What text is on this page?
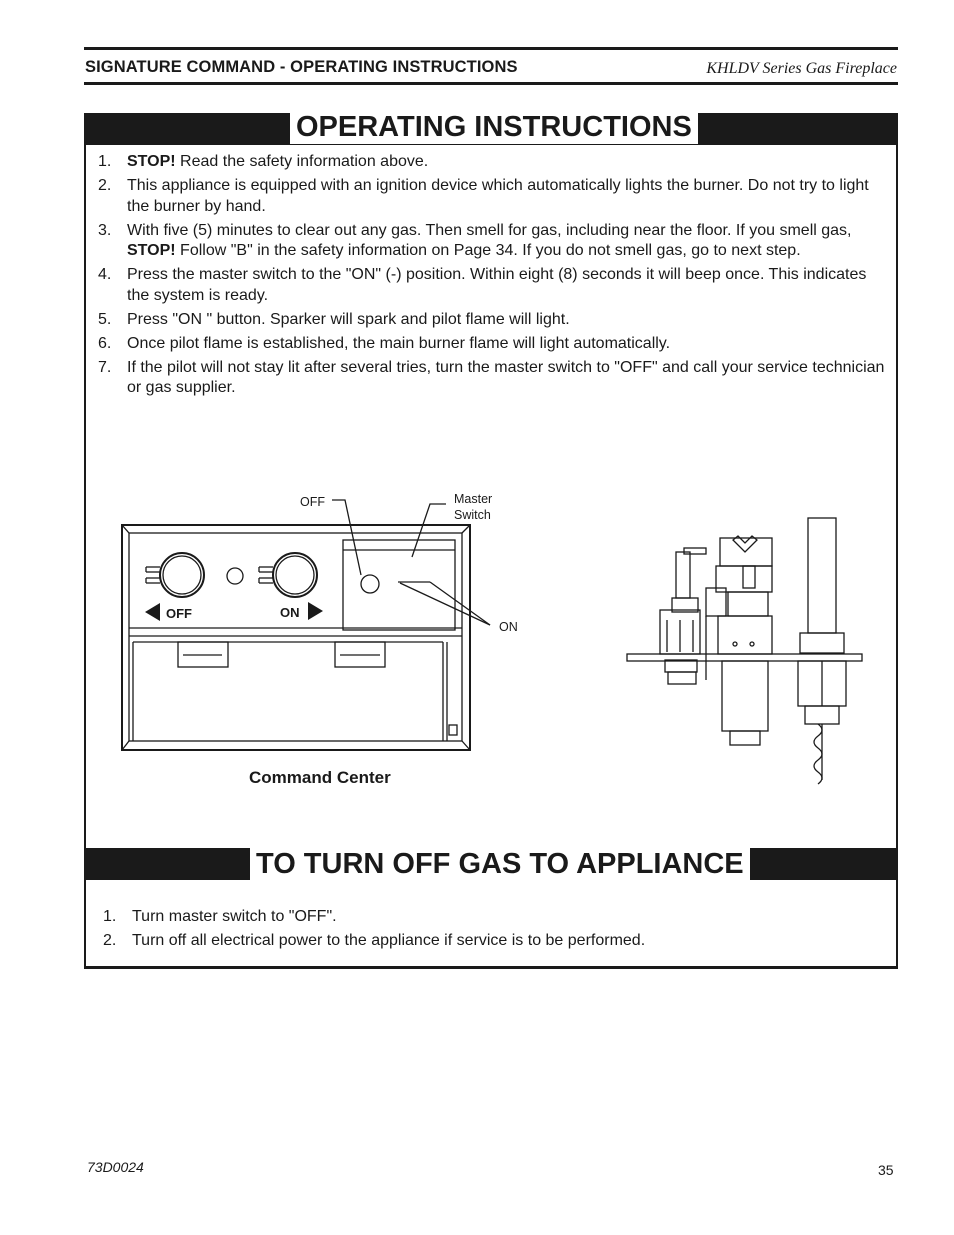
SIGNATURE COMMAND - OPERATING INSTRUCTIONS	KHLDV Series Gas Fireplace
OPERATING INSTRUCTIONS
1. STOP! Read the safety information above.
2. This appliance is equipped with an ignition device which automatically lights the burner. Do not try to light the burner by hand.
3. With five (5) minutes to clear out any gas. Then smell for gas, including near the floor. If you smell gas, STOP! Follow "B" in the safety information on Page 34. If you do not smell gas, go to next step.
4. Press the master switch to the "ON" (-) position. Within eight (8) seconds it will beep once. This indicates the system is ready.
5. Press "ON " button. Sparker will spark and pilot flame will light.
6. Once pilot flame is established, the main burner flame will light automatically.
7. If the pilot will not stay lit after several tries, turn the master switch to "OFF" and call your service technician or gas supplier.
OFF	ON
OFF	Master
Switch
ON
Command Center
TO TURN OFF GAS TO APPLIANCE
1. Turn master switch to "OFF".
2. Turn off all electrical power to the appliance if service is to be performed.
73D0024	35
